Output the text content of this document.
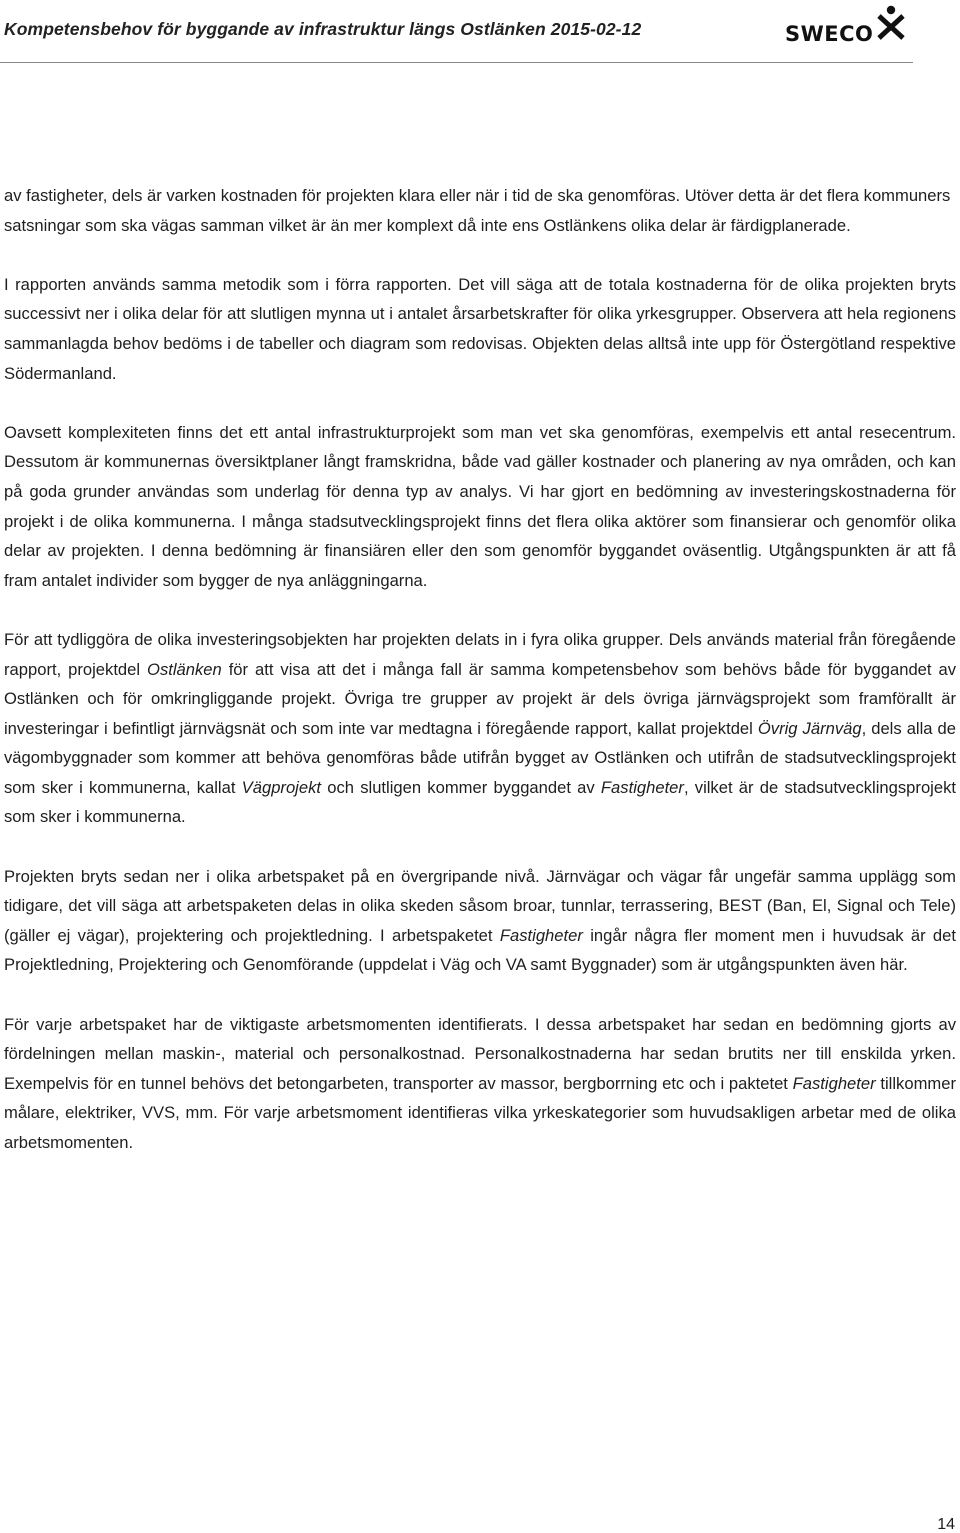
Kompetensbehov för byggande av infrastruktur längs Ostlänken 2015-02-12	SWECO

av fastigheter, dels är varken kostnaden för projekten klara eller när i tid de ska genomföras. Utöver detta är det flera kommuners satsningar som ska vägas samman vilket är än mer komplext då inte ens Ostlänkens olika delar är färdigplanerade.

I rapporten används samma metodik som i förra rapporten. Det vill säga att de totala kostnaderna för de olika projekten bryts successivt ner i olika delar för att slutligen mynna ut i antalet årsarbetskrafter för olika yrkesgrupper. Observera att hela regionens sammanlagda behov bedöms i de tabeller och diagram som redovisas. Objekten delas alltså inte upp för Östergötland respektive Södermanland.

Oavsett komplexiteten finns det ett antal infrastrukturprojekt som man vet ska genomföras, exempelvis ett antal resecentrum. Dessutom är kommunernas översiktplaner långt framskridna, både vad gäller kostnader och planering av nya områden, och kan på goda grunder användas som underlag för denna typ av analys. Vi har gjort en bedömning av investeringskostnaderna för projekt i de olika kommunerna. I många stadsutvecklingsprojekt finns det flera olika aktörer som finansierar och genomför olika delar av projekten. I denna bedömning är finansiären eller den som genomför byggandet oväsentlig. Utgångspunkten är att få fram antalet individer som bygger de nya anläggningarna.

För att tydliggöra de olika investeringsobjekten har projekten delats in i fyra olika grupper. Dels används material från föregående rapport, projektdel Ostlänken för att visa att det i många fall är samma kompetensbehov som behövs både för byggandet av Ostlänken och för omkringliggande projekt. Övriga tre grupper av projekt är dels övriga järnvägsprojekt som framförallt är investeringar i befintligt järnvägsnät och som inte var medtagna i föregående rapport, kallat projektdel Övrig Järnväg, dels alla de vägombyggnader som kommer att behöva genomföras både utifrån bygget av Ostlänken och utifrån de stadsutvecklingsprojekt som sker i kommunerna, kallat Vägprojekt och slutligen kommer byggandet av Fastigheter, vilket är de stadsutvecklingsprojekt som sker i kommunerna.

Projekten bryts sedan ner i olika arbetspaket på en övergripande nivå. Järnvägar och vägar får ungefär samma upplägg som tidigare, det vill säga att arbetspaketen delas in olika skeden såsom broar, tunnlar, terrassering, BEST (Ban, El, Signal och Tele) (gäller ej vägar), projektering och projektledning. I arbetspaketet Fastigheter ingår några fler moment men i huvudsak är det Projektledning, Projektering och Genomförande (uppdelat i Väg och VA samt Byggnader) som är utgångspunkten även här.

För varje arbetspaket har de viktigaste arbetsmomenten identifierats. I dessa arbetspaket har sedan en bedömning gjorts av fördelningen mellan maskin-, material och personalkostnad. Personalkostnaderna har sedan brutits ner till enskilda yrken. Exempelvis för en tunnel behövs det betongarbeten, transporter av massor, bergborrning etc och i paktetet Fastigheter tillkommer målare, elektriker, VVS, mm. För varje arbetsmoment identifieras vilka yrkeskategorier som huvudsakligen arbetar med de olika arbetsmomenten.

14
